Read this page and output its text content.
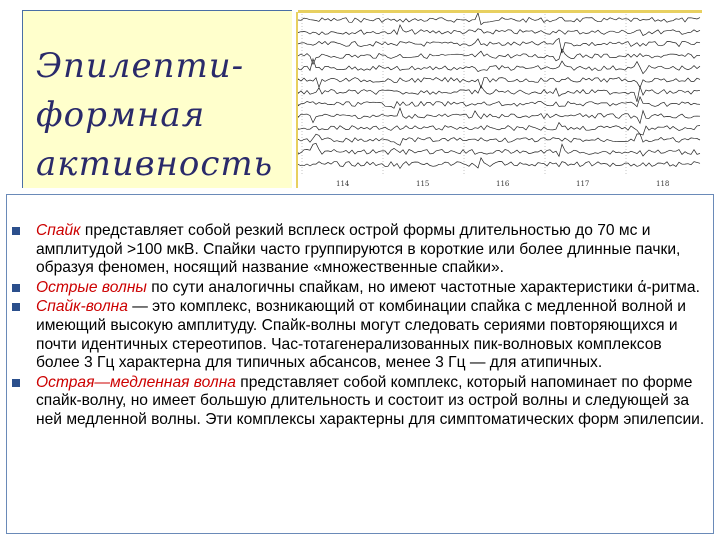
Эпилепти-
формная
активность	114	115	116	117	118
Спайк представляет собой резкий всплеск острой формы длительностью до 70 мс и амплитудой >100 мкВ. Спайки часто группируются в короткие или более длинные пачки, образуя феномен, носящий название «множественные спайки».
Острые волны по сути аналогичны спайкам, но имеют частотные характеристики ά-ритма.
Спайк-волна — это комплекс, возникающий от комбинации спайка с медленной волной и имеющий высокую амплитуду. Спайк-волны могут следовать сериями повторяющихся и почти идентичных стереотипов. Час-тотагенерализованных пик-волновых комплексов более 3 Гц характерна для типичных абсансов, менее 3 Гц — для атипичных.
Острая—медленная волна представляет собой комплекс, который напоминает по форме спайк-волну, но имеет большую длительность и состоит из острой волны и следующей за ней медленной волны. Эти комплексы характерны для симптоматических форм эпилепсии.
